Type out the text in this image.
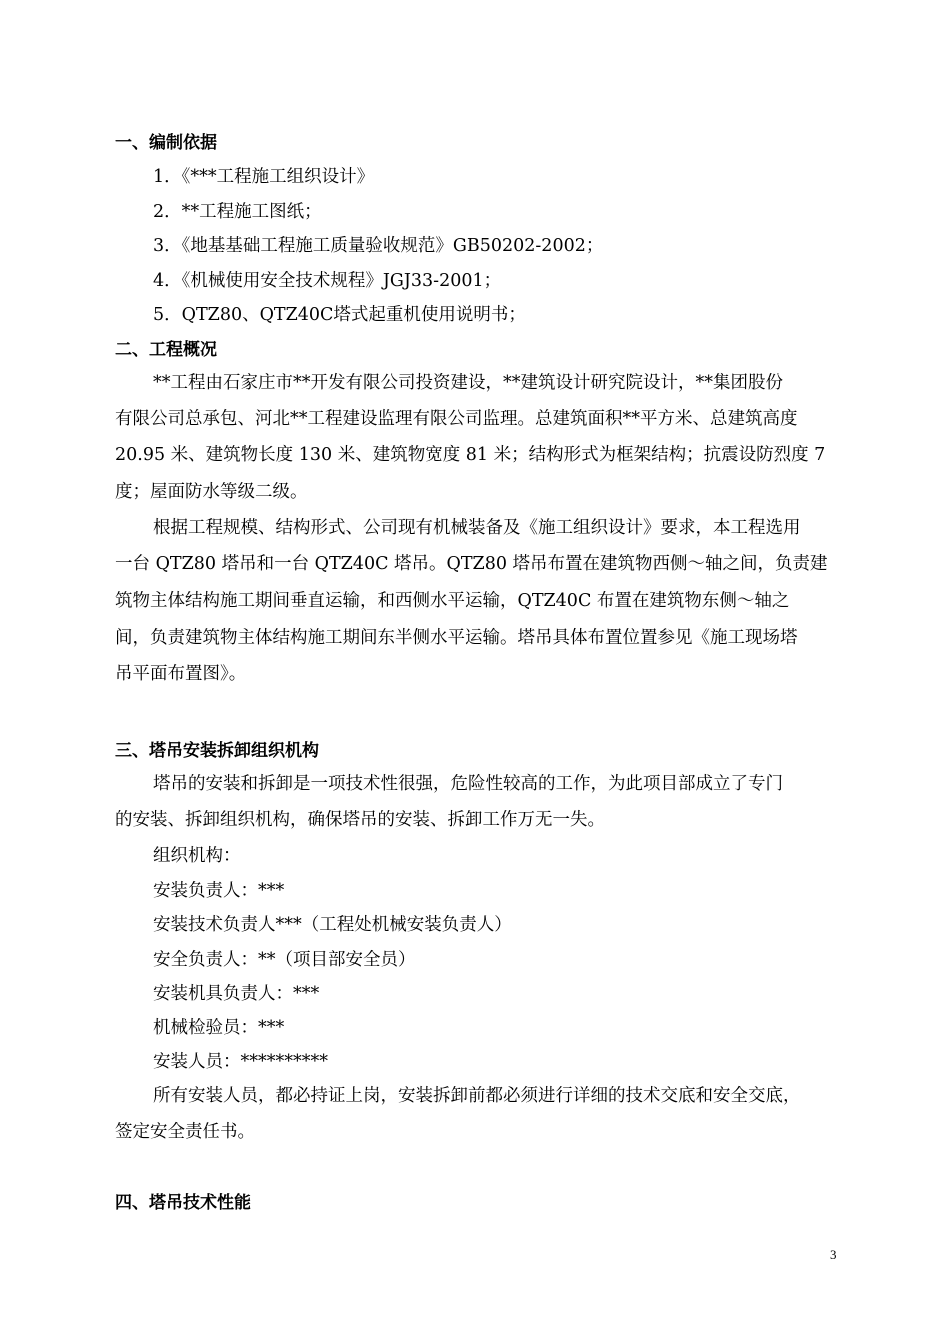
一、编制依据
1．《***工程施工组织设计》
2．**工程施工图纸；
3．《地基基础工程施工质量验收规范》GB50202-2002；
4．《机械使用安全技术规程》JGJ33-2001；
5．QTZ80、QTZ40C塔式起重机使用说明书；
二、工程概况
**工程由石家庄市**开发有限公司投资建设，**建筑设计研究院设计，**集团股份
有限公司总承包、河北**工程建设监理有限公司监理。总建筑面积**平方米、总建筑高度
20.95 米、建筑物长度 130 米、建筑物宽度 81 米；结构形式为框架结构；抗震设防烈度 7
度；屋面防水等级二级。
根据工程规模、结构形式、公司现有机械装备及《施工组织设计》要求，本工程选用
一台 QTZ80 塔吊和一台 QTZ40C 塔吊。QTZ80 塔吊布置在建筑物西侧～轴之间，负责建
筑物主体结构施工期间垂直运输，和西侧水平运输，QTZ40C 布置在建筑物东侧～轴之
间，负责建筑物主体结构施工期间东半侧水平运输。塔吊具体布置位置参见《施工现场塔
吊平面布置图》。
三、塔吊安装拆卸组织机构
塔吊的安装和拆卸是一项技术性很强，危险性较高的工作，为此项目部成立了专门
的安装、拆卸组织机构，确保塔吊的安装、拆卸工作万无一失。
组织机构：
安装负责人：***
安装技术负责人***（工程处机械安装负责人）
安全负责人：**（项目部安全员）
安装机具负责人：***
机械检验员：***
安装人员：**********
所有安装人员，都必持证上岗，安装拆卸前都必须进行详细的技术交底和安全交底，
签定安全责任书。
四、塔吊技术性能
3
